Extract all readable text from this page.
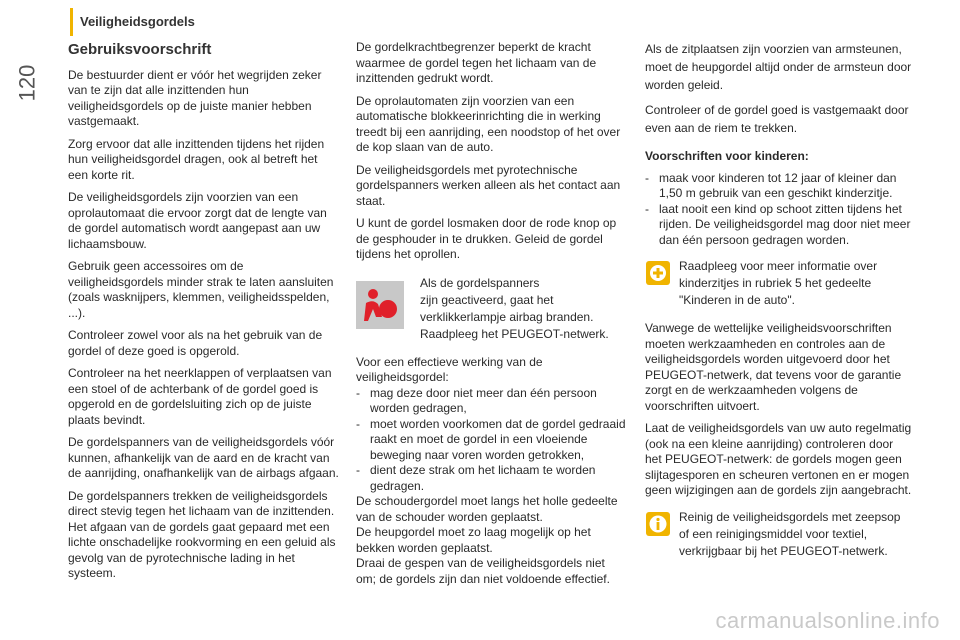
Veiligheidsgordels
120
Gebruiksvoorschrift

De bestuurder dient er vóór het wegrijden zeker van te zijn dat alle inzittenden hun veiligheidsgordels op de juiste manier hebben vastgemaakt.

Zorg ervoor dat alle inzittenden tijdens het rijden hun veiligheidsgordel dragen, ook al betreft het een korte rit.

De veiligheidsgordels zijn voorzien van een oprolautomaat die ervoor zorgt dat de lengte van de gordel automatisch wordt aangepast aan uw lichaamsbouw.

Gebruik geen accessoires om de veiligheidsgordels minder strak te laten aansluiten (zoals wasknijpers, klemmen, veiligheidsspelden, ...).

Controleer zowel voor als na het gebruik van de gordel of deze goed is opgerold.

Controleer na het neerklappen of verplaatsen van een stoel of de achterbank of de gordel goed is opgerold en de gordelsluiting zich op de juiste plaats bevindt.

De gordelspanners van de veiligheidsgordels vóór kunnen, afhankelijk van de aard en de kracht van de aanrijding, onafhankelijk van de airbags afgaan.

De gordelspanners trekken de veiligheidsgordels direct stevig tegen het lichaam van de inzittenden. Het afgaan van de gordels gaat gepaard met een lichte onschadelijke rookvorming en een geluid als gevolg van de pyrotechnische lading in het systeem.

De gordelkrachtbegrenzer beperkt de kracht waarmee de gordel tegen het lichaam van de inzittenden gedrukt wordt.

De oprolautomaten zijn voorzien van een automatische blokkeerinrichting die in werking treedt bij een aanrijding, een noodstop of het over de kop slaan van de auto.

De veiligheidsgordels met pyrotechnische gordelspanners werken alleen als het contact aan staat.

U kunt de gordel losmaken door de rode knop op de gesphouder in te drukken. Geleid de gordel tijdens het oprollen.

Als de gordelspanners
zijn geactiveerd, gaat het
verklikkerlampje airbag branden.
Raadpleeg het PEUGEOT-netwerk.
Voor een effectieve werking van de veiligheidsgordel:
- mag deze door niet meer dan één persoon worden gedragen,
- moet worden voorkomen dat de gordel gedraaid raakt en moet de gordel in een vloeiende beweging naar voren worden getrokken,
- dient deze strak om het lichaam te worden gedragen.
De schoudergordel moet langs het holle gedeelte van de schouder worden geplaatst.
De heupgordel moet zo laag mogelijk op het bekken worden geplaatst.
Draai de gespen van de veiligheidsgordels niet om; de gordels zijn dan niet voldoende effectief.

Als de zitplaatsen zijn voorzien van armsteunen, moet de heupgordel altijd onder de armsteun door worden geleid.

Controleer of de gordel goed is vastgemaakt door even aan de riem te trekken.

Voorschriften voor kinderen:
- maak voor kinderen tot 12 jaar of kleiner dan 1,50 m gebruik van een geschikt kinderzitje.
- laat nooit een kind op schoot zitten tijdens het rijden. De veiligheidsgordel mag door niet meer dan één persoon gedragen worden.
Raadpleeg voor meer informatie over kinderzitjes in rubriek 5 het gedeelte "Kinderen in de auto".

Vanwege de wettelijke veiligheidsvoorschriften moeten werkzaamheden en controles aan de veiligheidsgordels worden uitgevoerd door het PEUGEOT-netwerk, dat tevens voor de garantie zorgt en de werkzaamheden volgens de voorschriften uitvoert.

Laat de veiligheidsgordels van uw auto regelmatig (ook na een kleine aanrijding) controleren door het PEUGEOT-netwerk: de gordels mogen geen slijtagesporen en scheuren vertonen en er mogen geen wijzigingen aan de gordels zijn aangebracht.

Reinig de veiligheidsgordels met zeepsop of een reinigingsmiddel voor textiel, verkrijgbaar bij het PEUGEOT-netwerk.
carmanualsonline.info
